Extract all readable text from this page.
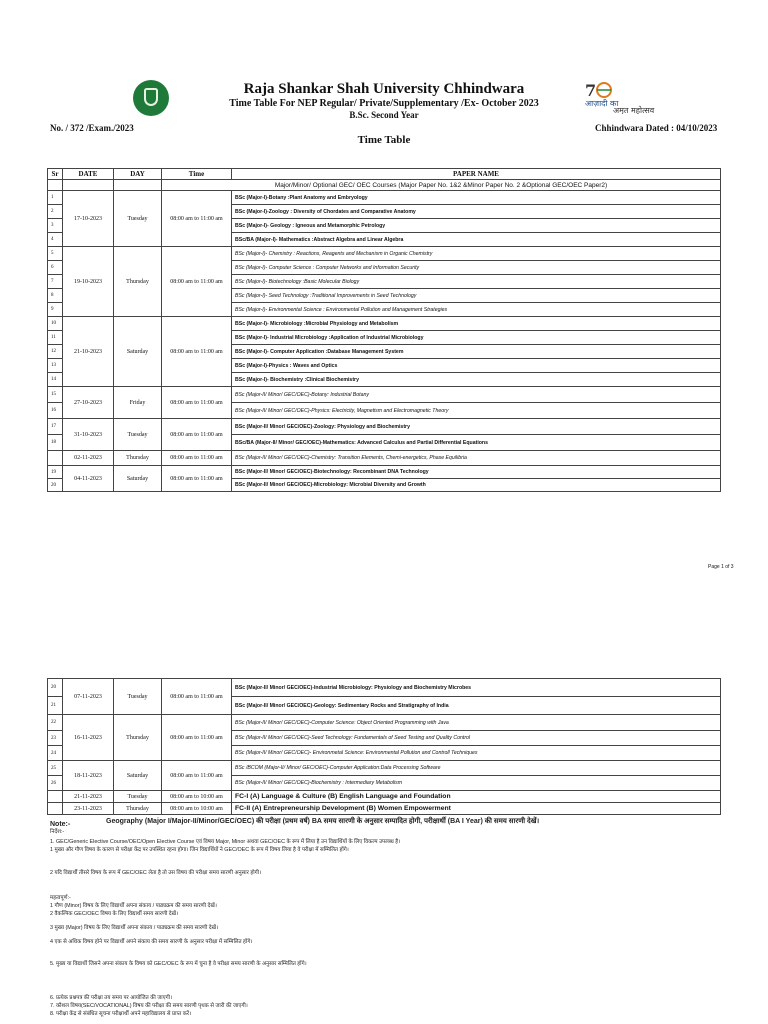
7
आज़ादी का
अमृत महोत्सव
Raja Shankar Shah University Chhindwara
Time Table For NEP Regular/ Private/Supplementary /Ex- October 2023
B.Sc. Second Year
No. / 372 /Exam./2023	Chhindwara Dated : 04/10/2023
Time Table
Sr	DATE	DAY	Time	PAPER NAME
			Major/Minor/ Optional GEC/ OEC Courses (Major Paper No. 1&2 &Minor Paper No. 2 &Optional GEC/OEC Paper2)	
1	17-10-2023	Tuesday	08:00 am to 11:00 am	BSc (Major-I)-Botany :Plant Anatomy and Embryology
2				BSc (Major-I)-Zoology : Diversity of Chordates and Comparative Anatomy
3				BSc (Major-I)- Geology : Igneous and Metamorphic Petrology
4				BSc/BA (Major-I)- Mathematics :Abstract Algebra and Linear Algebra
5	19-10-2023	Thursday	08:00 am to 11:00 am	BSc (Major-I)- Chemistry : Reactions, Reagents and Mechanism in Organic Chemistry
6				BSc (Major-I)- Computer Science : Computer Networks and Information Security
7				BSc (Major-I)- Biotechnology :Basic Molecular Biology
8				BSc (Major-I)- Seed Technology :Traditional Improvements in Seed Technology
9				BSc (Major-I)- Environmental Science : Environmental Pollution and Management Strategies
10	21-10-2023	Saturday	08:00 am to 11:00 am	BSc (Major-I)- Microbiology :Microbial Physiology and Metabolism
11				BSc (Major-I)- Industrial Microbiology :Application of Industrial Microbiology
12				BSc (Major-I)- Computer Application :Database Management System
13				BSc (Major-I)-Physics : Waves and Optics
14				BSc (Major-I)- Biochemistry :Clinical Biochemistry
15	27-10-2023	Friday	08:00 am to 11:00 am	BSc (Major-II/ Minor/ GEC/OEC)-Botany: Industrial Botany
16				BSc (Major-II/ Minor/ GEC/OEC)-Physics: Electricity, Magnetism and Electromagnetic Theory
17	31-10-2023	Tuesday	08:00 am to 11:00 am	BSc (Major-II/ Minor/ GEC/OEC)-Zoology: Physiology and Biochemistry
18				BSc/BA (Major-II/ Minor/ GEC/OEC)-Mathematics: Advanced Calculus and Partial Differential Equations
	02-11-2023	Thursday	08:00 am to 11:00 am	BSc (Major-II/ Minor/ GEC/OEC)-Chemistry: Transition Elements, Chemi-energetics, Phase Equilibria
19	04-11-2023	Saturday	08:00 am to 11:00 am	BSc (Major-II/ Minor/ GEC/OEC)-Biotechnology: Recombinant DNA Technology
20				BSc (Major-II/ Minor/ GEC/OEC)-Microbiology: Microbial Diversity and Growth
Page 1 of 3
20	07-11-2023	Tuesday	08:00 am to 11:00 am	BSc (Major-II/ Minor/ GEC/OEC)-Industrial Microbiology: Physiology and Biochemistry Microbes
21				BSc (Major-II/ Minor/ GEC/OEC)-Geology: Sedimentary Rocks and Stratigraphy of India
22	16-11-2023	Thursday	08:00 am to 11:00 am	BSc (Major-II/ Minor/ GEC/OEC)-Computer Science: Object Oriented Programming with Java
23				BSc (Major-II/ Minor/ GEC/OEC)-Seed Technology: Fundamentals of Seed Testing and Quality Control
24				BSc (Major-II/ Minor/ GEC/OEC)- Environmetal Science: Environmental Pollution and Controll Techniques
25	18-11-2023	Saturday	08:00 am to 11:00 am	BSc /BCOM (Major-II/ Minor/ GEC/OEC)-Computer Application:Data Processing Software
26				BSc (Major-II/ Minor/ GEC/OEC)-Biochemistry : Intermediary Metabolism
	21-11-2023	Tuesday	08:00 am to 10:00 am	FC-I (A) Language & Culture (B) English Language and Foundation
	23-11-2023	Thursday	08:00 am to 10:00 am	FC-II (A) Entrepreneurship Development (B) Women Empowerment
Note:-	Geography (Major I/Major-II/Minor/GEC/OEC) की परीक्षा (प्रथम वर्ष) BA समय सारणी के अनुसार सम्पादित होगी, परीक्षार्थी (BA I Year) की समय सारणी देखें।
निर्देश:-
1. GEC/Generic Elective Course/OEC/Open Elective Course एवं विषय Major, Minor अथवा GEC/OEC के रूप में लिया है उन विद्यार्थियों के लिए विकल्प उपलब्ध है।
1 मुख्य और गौण विषय के कारण से परीक्षा केंद्र पर उपस्थित रहना होगा। जिन विद्यार्थियों ने GEC/OEC के रूप में विषय लिया है वे परीक्षा में सम्मिलित होंगे।
2 यदि विद्यार्थी तीसरे विषय के रूप में GEC/OEC लेता है तो उस विषय की परीक्षा समय सारणी अनुसार होगी।
महत्वपूर्ण:-
1 गौण (Minor) विषय के लिए विद्यार्थी अपना संकाय / पाठ्यक्रम की समय सारणी देखें।
2 वैकल्पिक GEC/OEC विषय के लिए विद्यार्थी समय सारणी देखें।
3 मुख्य (Major) विषय के लिए विद्यार्थी अपना संकाय / पाठ्यक्रम की समय सारणी देखें।
4 एक से अधिक विषय होने पर विद्यार्थी अपने संकाय की समय सारणी के अनुसार परीक्षा में सम्मिलित होंगे।
5. मुख्य या विद्यार्थी जिसने अपना संकाय के विषय को GEC/OEC के रूप में चुना है वे परीक्षा समय सारणी के अनुसार सम्मिलित होंगे।
6. प्रत्येक प्रश्नपत्र की परीक्षा तय समय पर आयोजित की जाएगी।
7. कौशल विषय(SEC/VOCATIONAL) विषय की परीक्षा की समय सारणी पृथक से जारी की जाएगी।
8. परीक्षा केंद्र से संबंधित सूचना परीक्षार्थी अपने महाविद्यालय से प्राप्त करें।
